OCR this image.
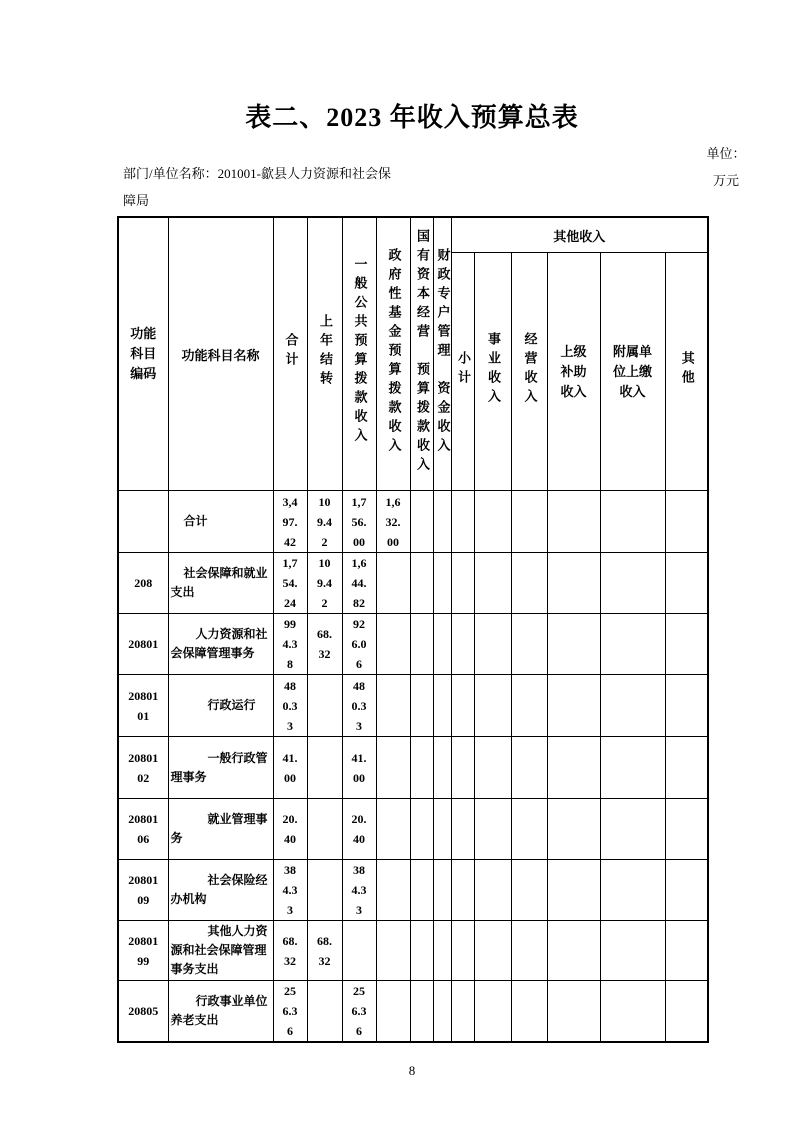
表二、2023 年收入预算总表
部门/单位名称：201001-歙县人力资源和社会保障局
单位：万元
功能科目编码	功能科目名称	合计	上年结转	一般公共预算拨款收入	政府性基金预算拨款收入	国有资本经营　预算拨款收入	财政专户管理　资金收入	其他收入					
								小计	事业收入	经营收入	上级补助收入	附属单位上缴收入	其他
	合计	3,497.42	109.42	1,756.00	1,632.00								
208	社会保障和就业支出	1,754.24	109.42	1,644.82									
20801	人力资源和社会保障管理事务	994.38	68.32	926.06									
2080101	行政运行	480.33		480.33									
2080102	一般行政管理事务	41.00		41.00									
2080106	就业管理事务	20.40		20.40									
2080109	社会保险经办机构	384.33		384.33									
2080199	其他人力资源和社会保障管理事务支出	68.32	68.32										
20805	行政事业单位养老支出	256.36		256.36									
8
